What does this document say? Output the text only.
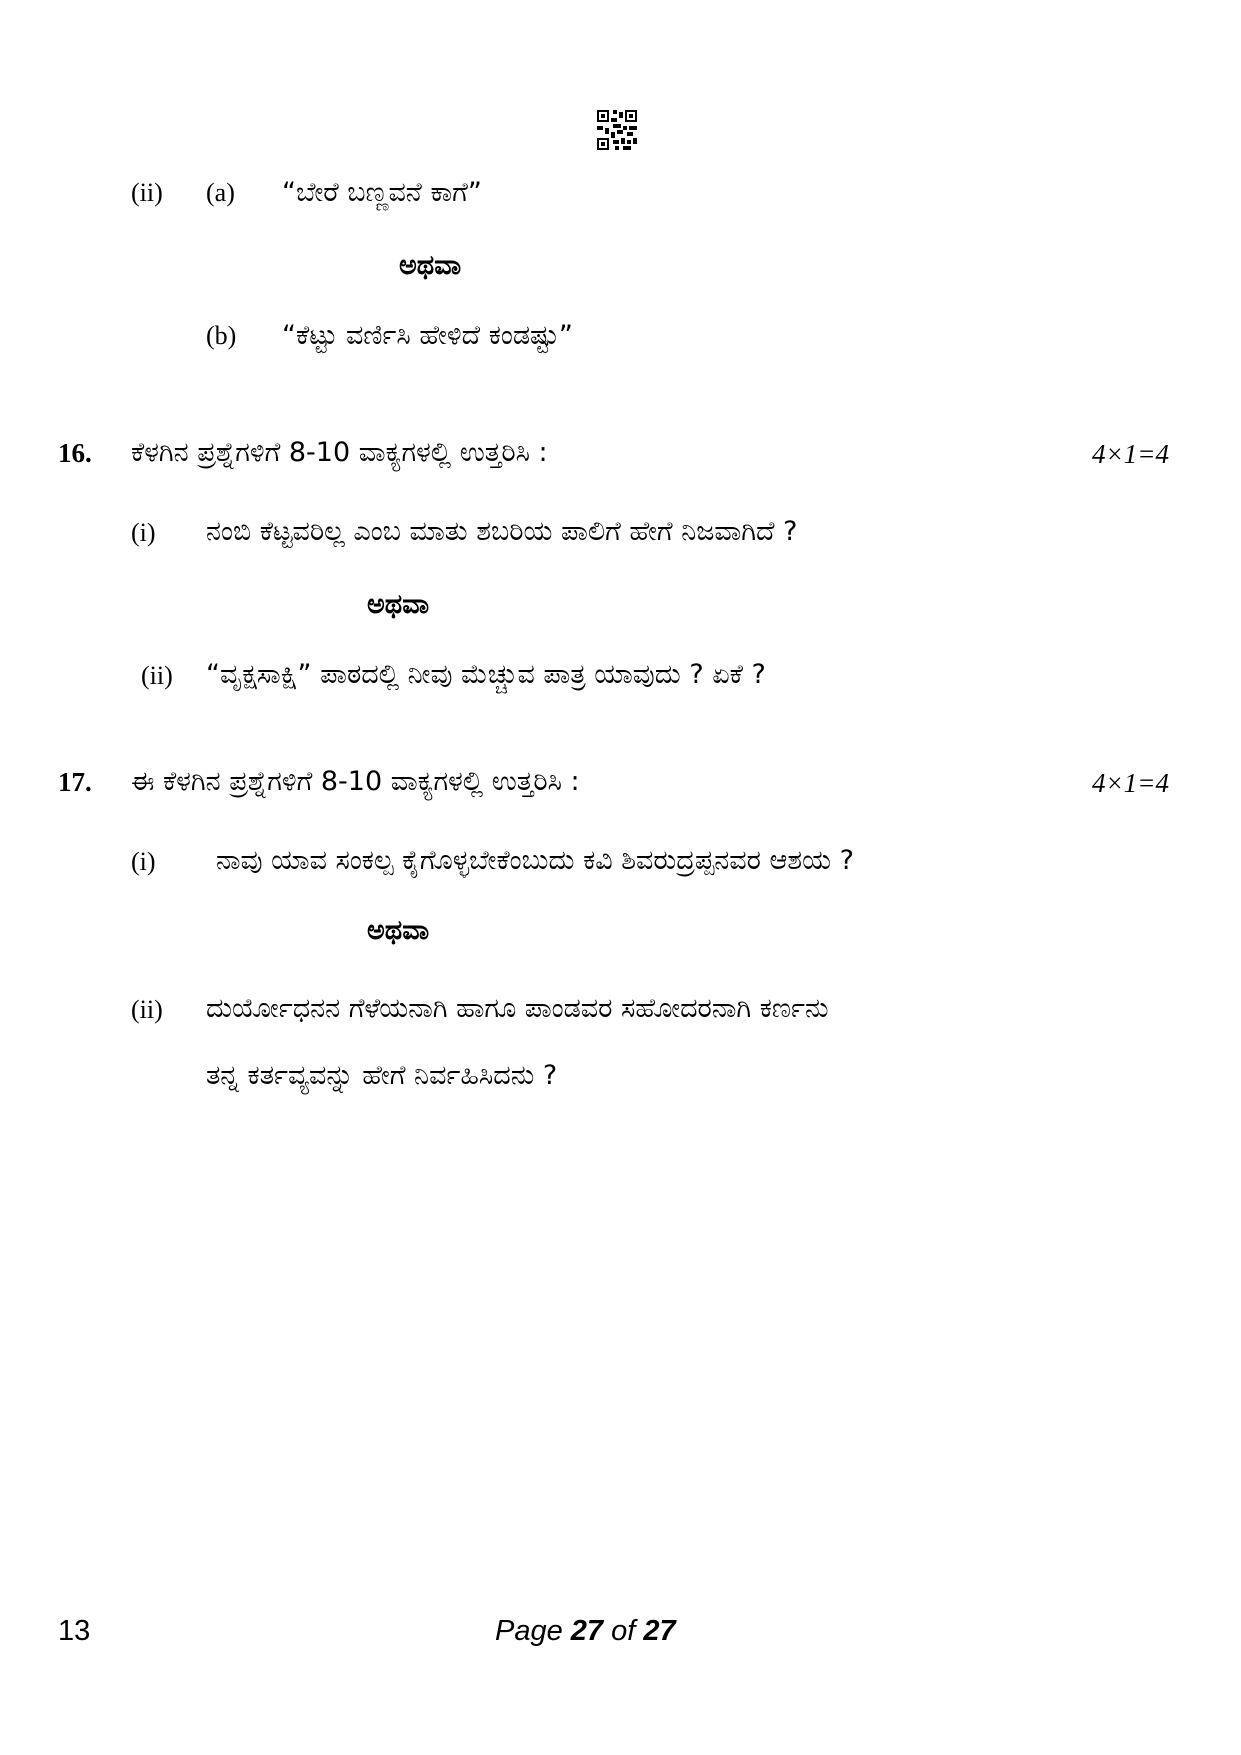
(ii) (a) “ಬೇರೆ ಬಣ್ಣವನೆ ಕಾಗೆ”
ಅಥವಾ
(b) “ಕೆಟ್ಟು ವರ್ಣಿಸಿ ಹೇಳಿದೆ ಕಂಡಷ್ಟು”
16. ಕೆಳಗಿನ ಪ್ರಶ್ನೆಗಳಿಗೆ 8-10 ವಾಕ್ಯಗಳಲ್ಲಿ ಉತ್ತರಿಸಿ :	4×1=4
(i) ನಂಬಿ ಕೆಟ್ಟವರಿಲ್ಲ ಎಂಬ ಮಾತು ಶಬರಿಯ ಪಾಲಿಗೆ ಹೇಗೆ ನಿಜವಾಗಿದೆ ?
ಅಥವಾ
(ii) “ವೃಕ್ಷಸಾಕ್ಷಿ” ಪಾಠದಲ್ಲಿ ನೀವು ಮೆಚ್ಚುವ ಪಾತ್ರ ಯಾವುದು ? ಏಕೆ ?
17. ಈ ಕೆಳಗಿನ ಪ್ರಶ್ನೆಗಳಿಗೆ 8-10 ವಾಕ್ಯಗಳಲ್ಲಿ ಉತ್ತರಿಸಿ :	4×1=4
(i) ನಾವು ಯಾವ ಸಂಕಲ್ಪ ಕೈಗೊಳ್ಳಬೇಕೆಂಬುದು ಕವಿ ಶಿವರುದ್ರಪ್ಪನವರ ಆಶಯ ?
ಅಥವಾ
(ii) ದುರ್ಯೋಧನನ ಗೆಳೆಯನಾಗಿ ಹಾಗೂ ಪಾಂಡವರ ಸಹೋದರನಾಗಿ ಕರ್ಣನು
ತನ್ನ ಕರ್ತವ್ಯವನ್ನು ಹೇಗೆ ನಿರ್ವಹಿಸಿದನು ?
13	Page 27 of 27
